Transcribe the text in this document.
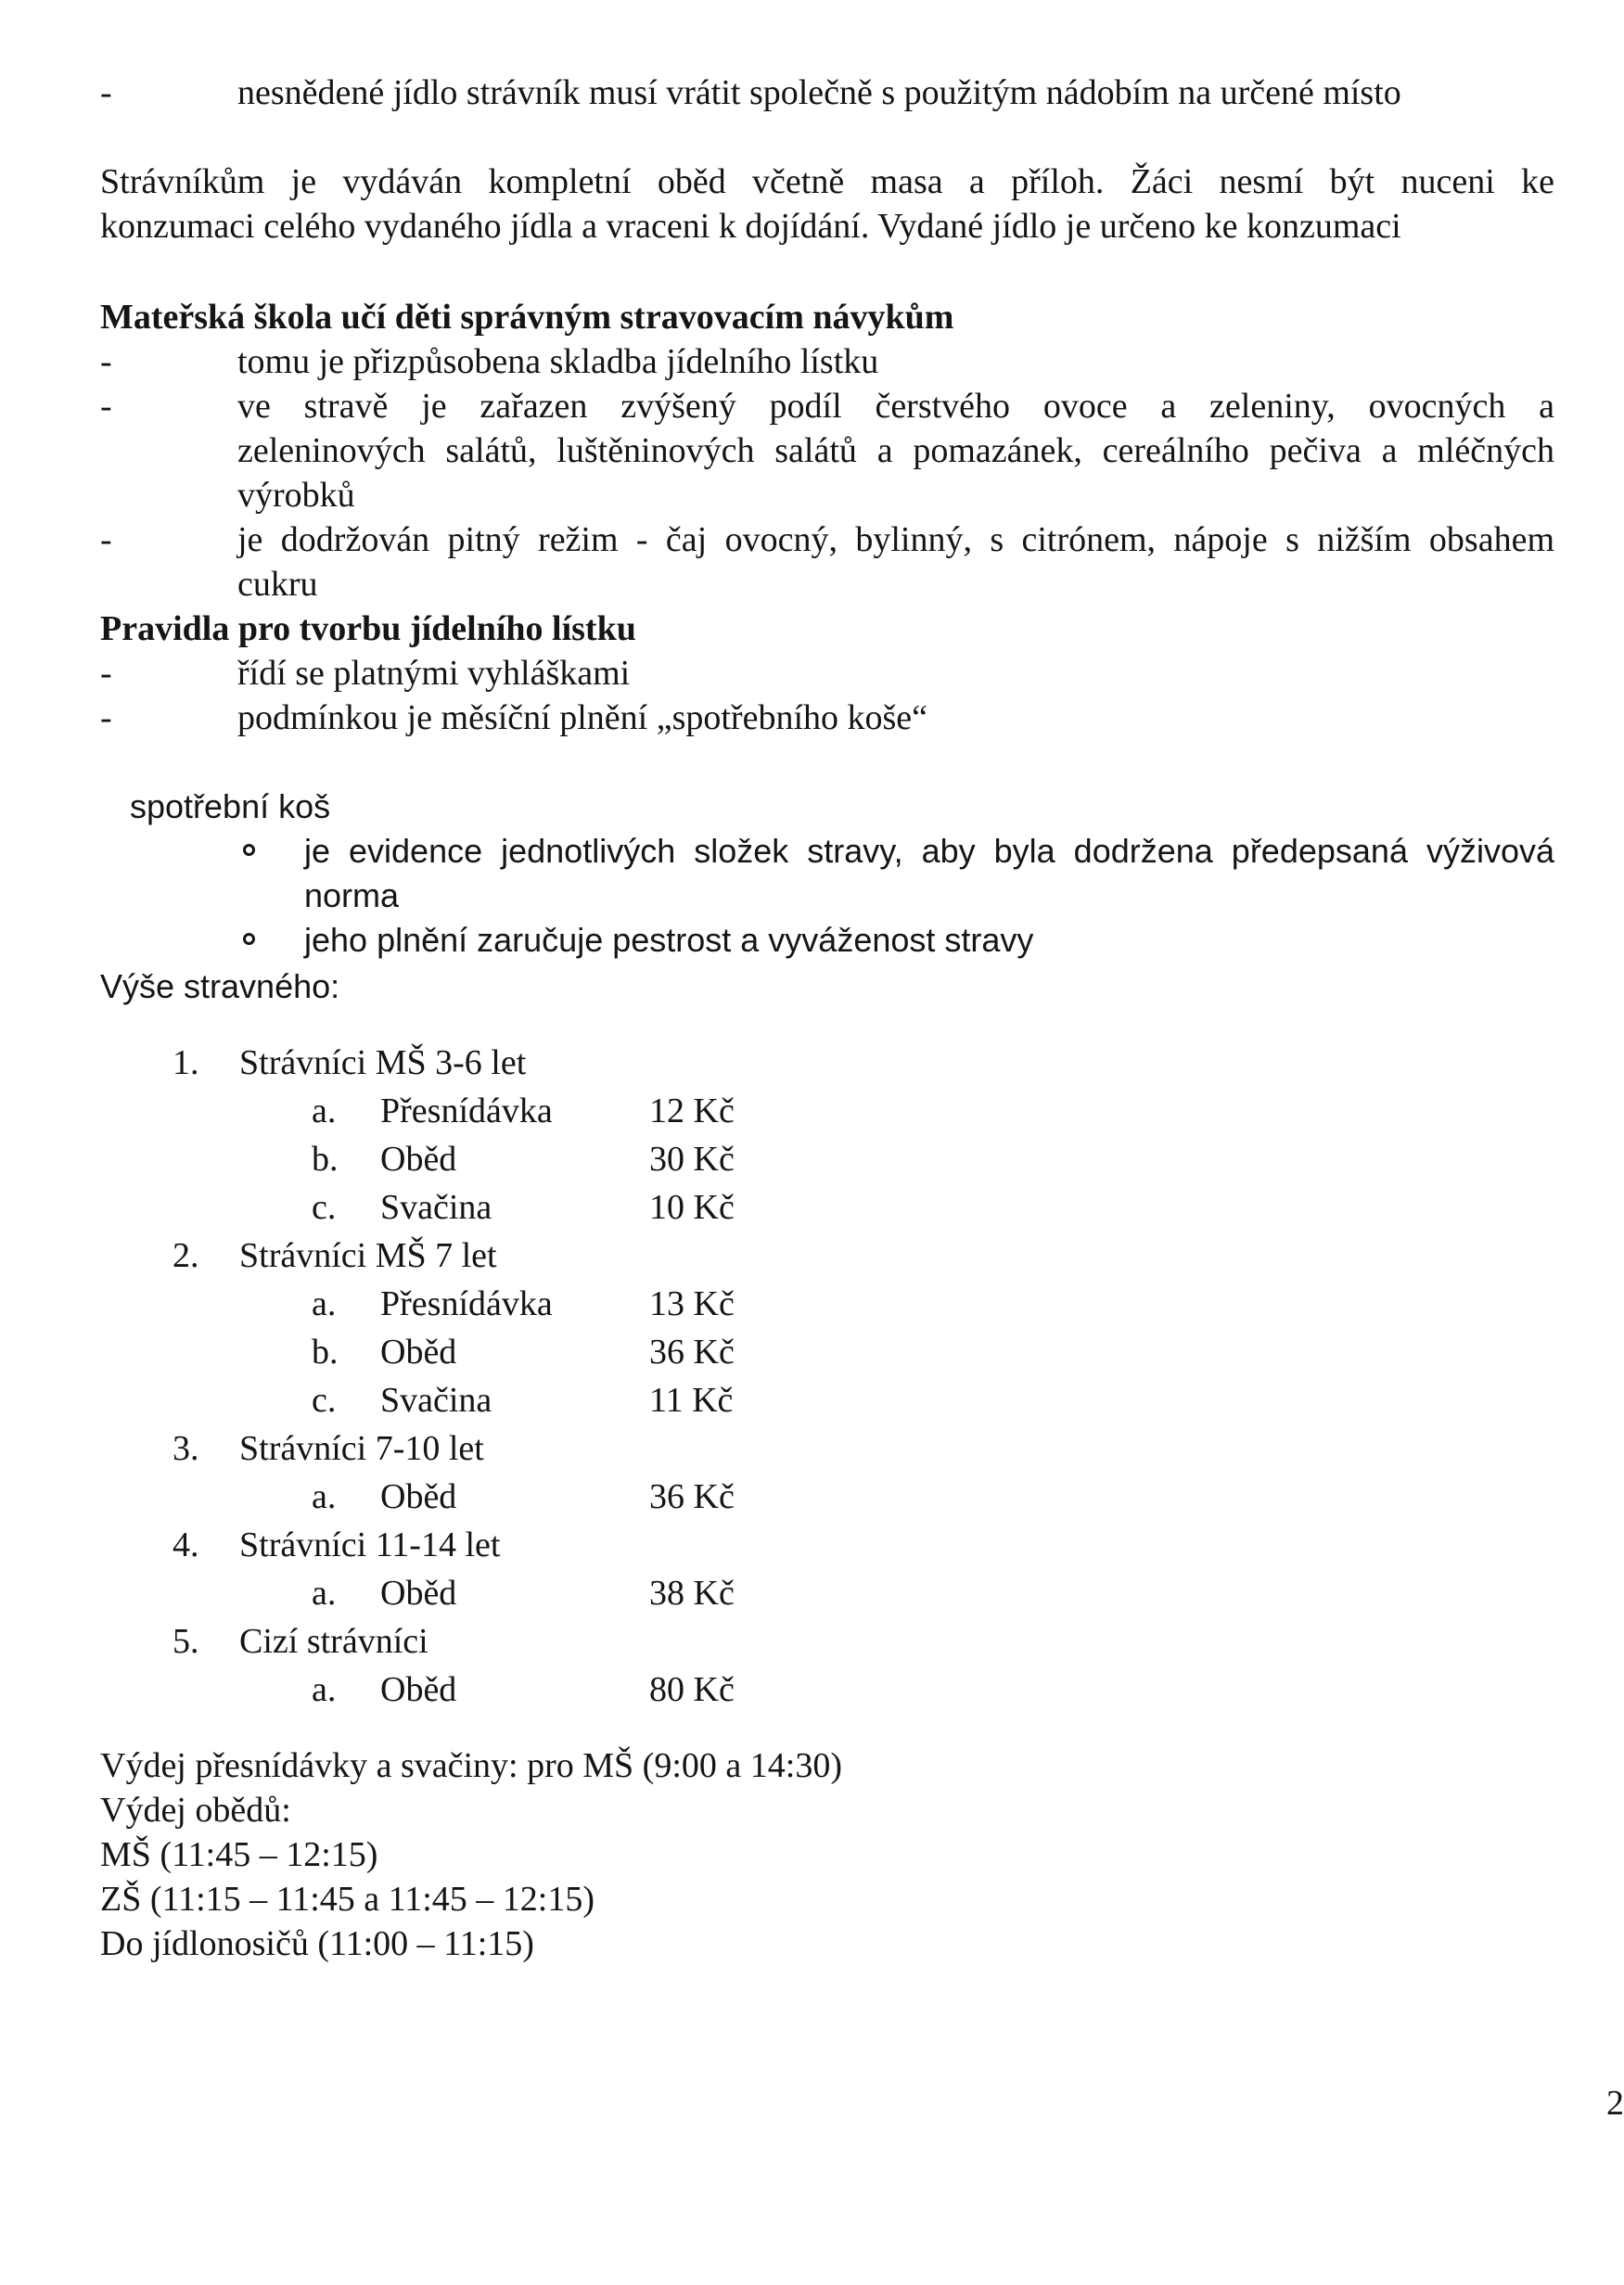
-	nesnědené jídlo strávník musí vrátit společně s použitým nádobím na určené místo
Strávníkům je vydáván kompletní oběd včetně masa a příloh. Žáci nesmí být nuceni ke
konzumaci celého vydaného jídla a vraceni k dojídání. Vydané jídlo je určeno ke konzumaci
Mateřská škola učí děti správným stravovacím návykům
-	tomu je přizpůsobena skladba jídelního lístku
-	ve stravě je zařazen zvýšený podíl čerstvého ovoce a zeleniny, ovocných a
zeleninových salátů, luštěninových salátů a pomazánek, cereálního pečiva a mléčných
výrobků
-	je dodržován pitný režim - čaj ovocný, bylinný, s citrónem, nápoje s nižším obsahem
cukru
Pravidla pro tvorbu jídelního lístku
-	řídí se platnými vyhláškami
-	podmínkou je měsíční plnění „spotřebního koše“
spotřební koš
je evidence jednotlivých složek stravy, aby byla dodržena předepsaná výživová
norma
jeho plnění zaručuje pestrost a vyváženost stravy
Výše stravného:
1. Strávníci MŠ 3-6 let
a. Přesnídávka	12 Kč
b. Oběd	30 Kč
c. Svačina	10 Kč
2. Strávníci MŠ 7 let
a. Přesnídávka	13 Kč
b. Oběd	36 Kč
c. Svačina	11 Kč
3. Strávníci 7-10 let
a. Oběd	36 Kč
4. Strávníci 11-14 let
a. Oběd	38 Kč
5. Cizí strávníci
a. Oběd	80 Kč
Výdej přesnídávky a svačiny: pro MŠ (9:00 a 14:30)
Výdej obědů:
MŠ (11:45 – 12:15)
ZŠ (11:15 – 11:45 a 11:45 – 12:15)
Do jídlonosičů (11:00 – 11:15)
2
